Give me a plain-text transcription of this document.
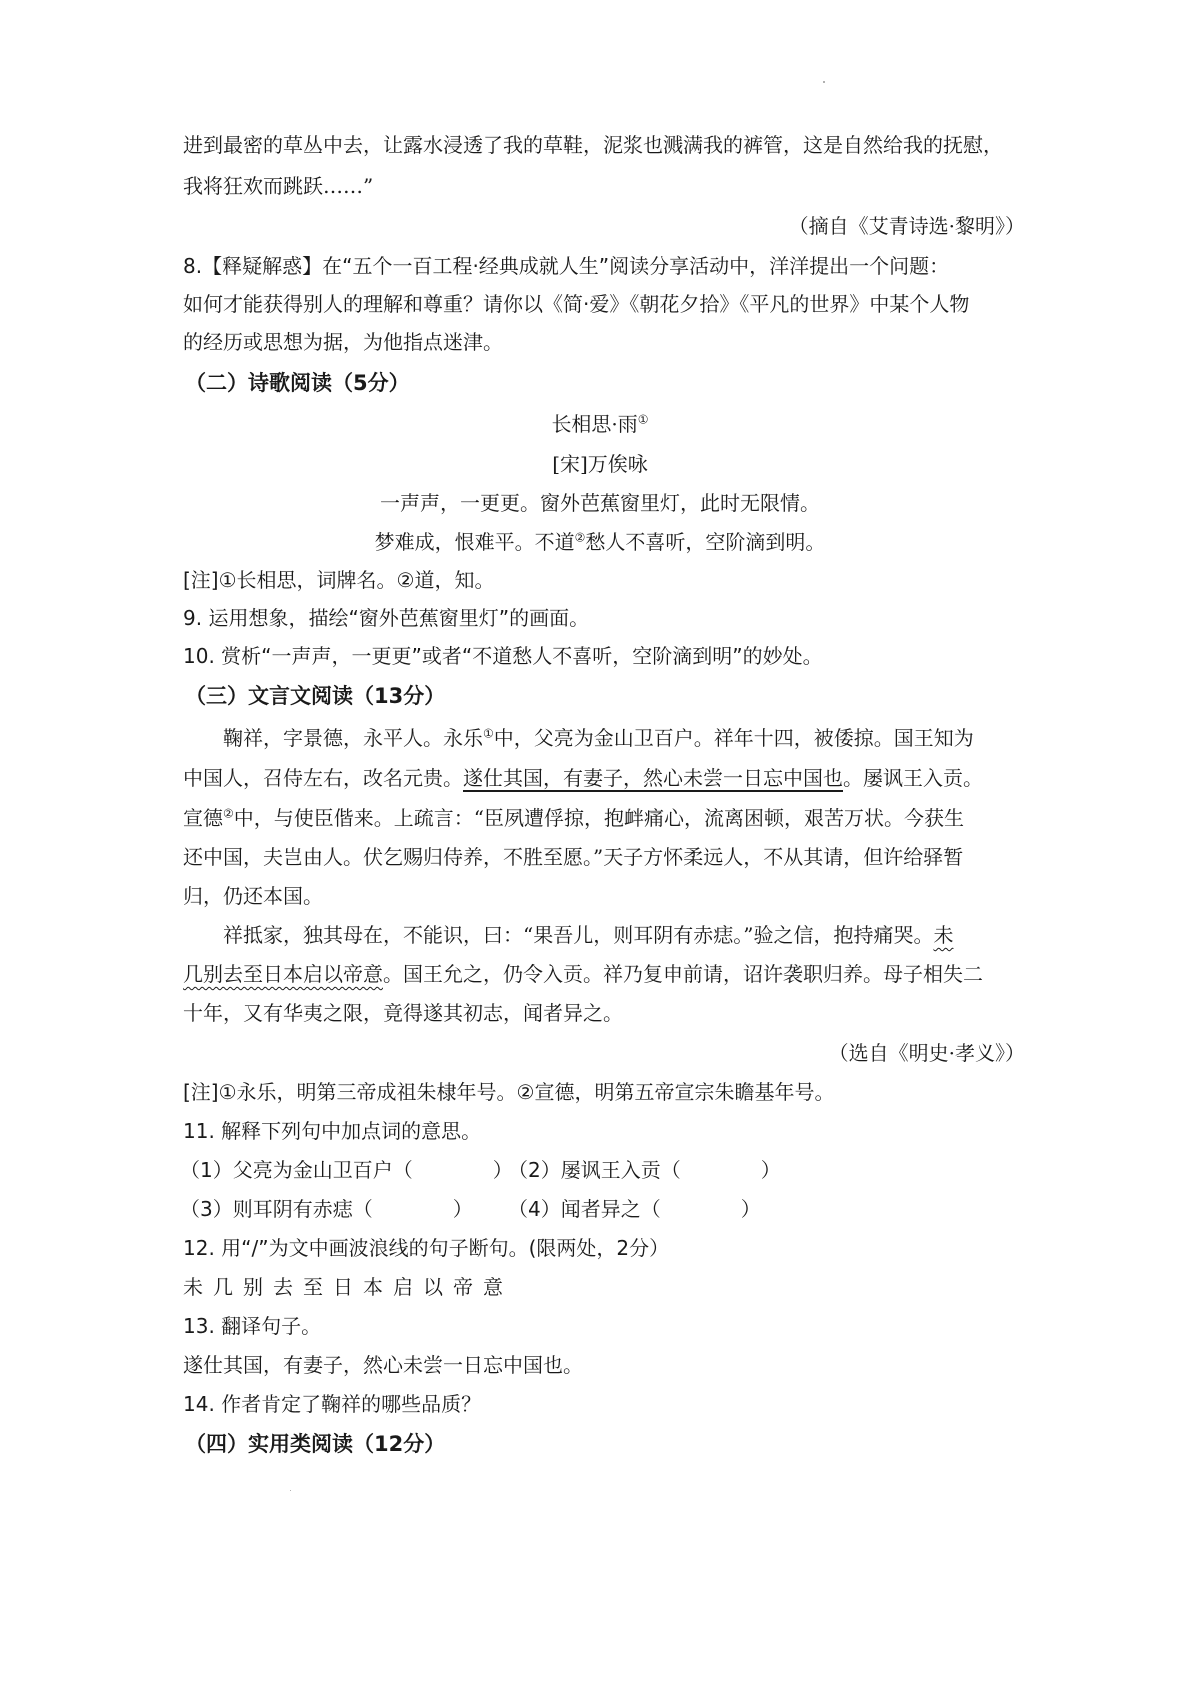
进到最密的草丛中去，让露水浸透了我的草鞋，泥浆也溅满我的裤管，这是自然给我的抚慰，
我将狂欢而跳跃……”
（摘自《艾青诗选·黎明》）
8.【释疑解惑】在“五个一百工程·经典成就人生”阅读分享活动中，洋洋提出一个问题：
如何才能获得别人的理解和尊重？请你以《简·爱》《朝花夕拾》《平凡的世界》中某个人物
的经历或思想为据，为他指点迷津。
（二）诗歌阅读（5分）
长相思·雨①
[宋]万俟咏
一声声，一更更。窗外芭蕉窗里灯，此时无限情。
梦难成，恨难平。不道②愁人不喜听，空阶滴到明。
[注]①长相思，词牌名。②道，知。
9. 运用想象，描绘“窗外芭蕉窗里灯”的画面。
10. 赏析“一声声，一更更”或者“不道愁人不喜听，空阶滴到明”的妙处。
（三）文言文阅读（13分）
鞠祥，字景德，永平人。永乐①中，父亮为金山卫百户。祥年十四，被倭掠。国王知为
中国人，召侍左右，改名元贵。遂仕其国，有妻子，然心未尝一日忘中国也。屡讽王入贡。
宣德②中，与使臣偕来。上疏言：“臣夙遭俘掠，抱衅痛心，流离困顿，艰苦万状。今获生
还中国，夫岂由人。伏乞赐归侍养，不胜至愿。”天子方怀柔远人，不从其请，但许给驿暂
归，仍还本国。
祥抵家，独其母在，不能识，曰：“果吾儿，则耳阴有赤痣。”验之信，抱持痛哭。未
几别去至日本启以帝意。国王允之，仍令入贡。祥乃复申前请，诏许袭职归养。母子相失二
十年，又有华夷之限，竟得遂其初志，闻者异之。
（选自《明史·孝义》）
[注]①永乐，明第三帝成祖朱棣年号。②宣德，明第五帝宣宗朱瞻基年号。
11. 解释下列句中加点词的意思。
（1）父亮为金山卫百户（	）
（2）屡讽王入贡（	）
（3）则耳阴有赤痣（	） （4）闻者异之（	）
12. 用“/”为文中画波浪线的句子断句。(限两处，2分）
未几别去至日本启以帝意
13. 翻译句子。
遂仕其国，有妻子，然心未尝一日忘中国也。
14. 作者肯定了鞠祥的哪些品质？
（四）实用类阅读（12分）
